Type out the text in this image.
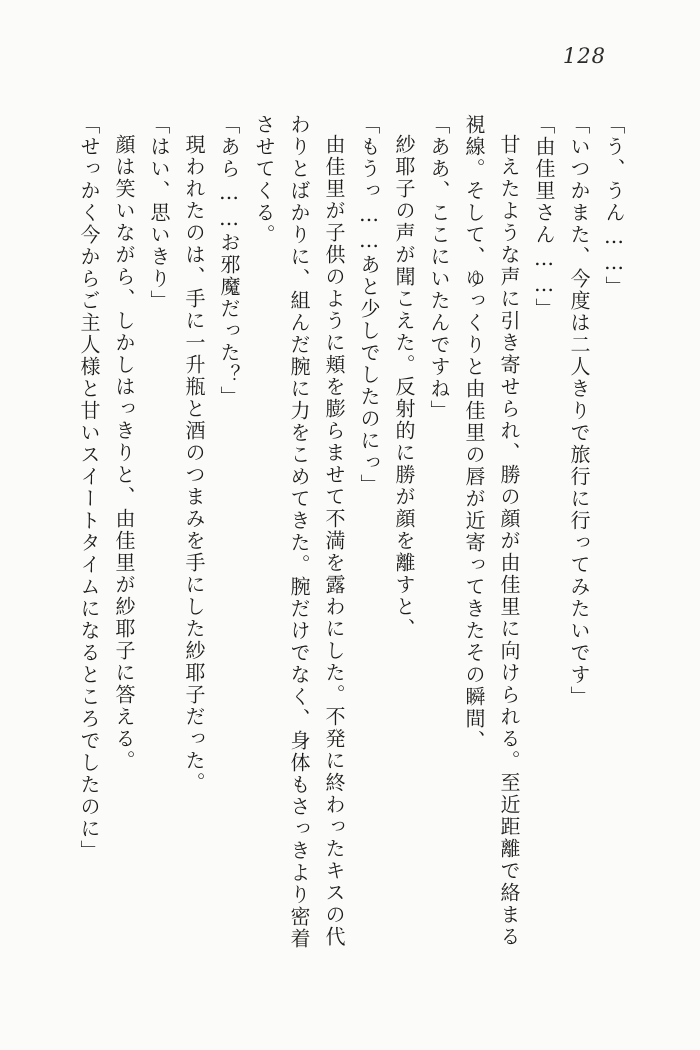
128

「う、うん……」

「いつかまた、今度は二人きりで旅行に行ってみたいです」

「由佳里さん……」

甘えたような声に引き寄せられ、勝の顔が由佳里に向けられる。至近距離で絡まる視線。そして、ゆっくりと由佳里の唇が近寄ってきたその瞬間、

「ああ、ここにいたんですね」

紗耶子の声が聞こえた。反射的に勝が顔を離すと、

「もうっ……あと少しでしたのにっ」

由佳里が子供のように頬を膨らませて不満を露わにした。不発に終わったキスの代わりとばかりに、組んだ腕に力をこめてきた。腕だけでなく、身体もさっきより密着させてくる。

「あら……お邪魔だった？」

現われたのは、手に一升瓶と酒のつまみを手にした紗耶子だった。

「はい、思いきり」

顔は笑いながら、しかしはっきりと、由佳里が紗耶子に答える。

「せっかく今からご主人様と甘いスイートタイムになるところでしたのに」
